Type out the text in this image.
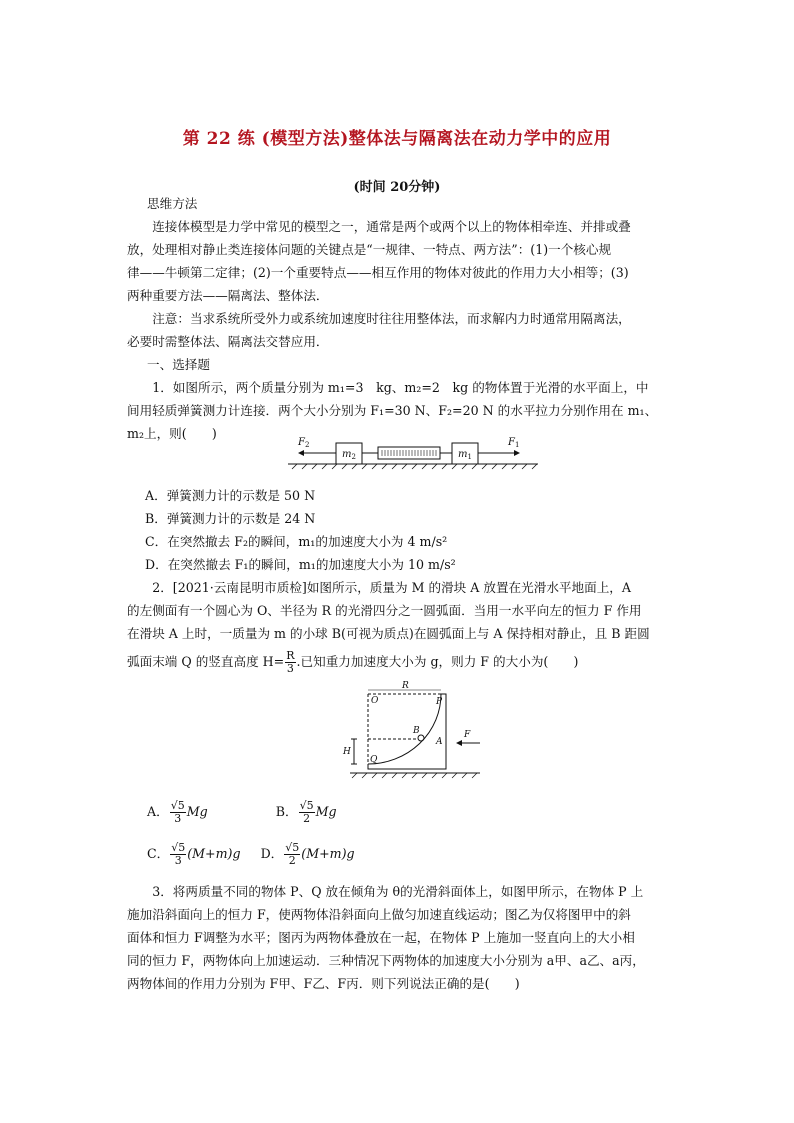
第 22 练 (模型方法)整体法与隔离法在动力学中的应用
(时间 20分钟)

思维方法

连接体模型是力学中常见的模型之一，通常是两个或两个以上的物体相牵连、并排或叠

放，处理相对静止类连接体问题的关键点是“一规律、一特点、两方法”：(1)一个核心规

律——牛顿第二定律；(2)一个重要特点——相互作用的物体对彼此的作用力大小相等；(3)

两种重要方法——隔离法、整体法．

注意：当求系统所受外力或系统加速度时往往用整体法，而求解内力时通常用隔离法，

必要时需整体法、隔离法交替应用．

一、选择题

1．如图所示，两个质量分别为 m₁=3　kg、m₂=2　kg 的物体置于光滑的水平面上，中

间用轻质弹簧测力计连接．两个大小分别为 F₁=30 N、F₂=20 N 的水平拉力分别作用在 m₁、

m₂上，则(　　)

$F_2$
$m_2$	$m_1$
$F_1$

A．弹簧测力计的示数是 50 N

B．弹簧测力计的示数是 24 N

C．在突然撤去 F₂的瞬间，m₁的加速度大小为 4 m/s²

D．在突然撤去 F₁的瞬间，m₁的加速度大小为 10 m/s²

2．[2021·云南昆明市质检]如图所示，质量为 M 的滑块 A 放置在光滑水平地面上，A

的左侧面有一个圆心为 O、半径为 R 的光滑四分之一圆弧面．当用一水平向左的恒力 F 作用

在滑块 A 上时，一质量为 m 的小球 B(可视为质点)在圆弧面上与 A 保持相对静止，且 B 距圆

弧面末端 Q 的竖直高度 $H= \frac{R}{3}$ .已知重力加速度大小为 g，则力 F 的大小为(　　)

R
O	P
B
A
F
H
Q
A． $\frac{√5}{3}$ Mg	B． $\frac{√5}{2}$ Mg
C． $\frac{√5}{3} (M+m)g$ D． $\frac{√5}{2} (M+m)g$

3．将两质量不同的物体 P、Q 放在倾角为 θ的光滑斜面体上，如图甲所示，在物体 P 上

施加沿斜面向上的恒力 F，使两物体沿斜面向上做匀加速直线运动；图乙为仅将图甲中的斜

面体和恒力 F调整为水平；图丙为两物体叠放在一起，在物体 P 上施加一竖直向上的大小相

同的恒力 F，两物体向上加速运动．三种情况下两物体的加速度大小分别为 a甲、a乙、a丙，

两物体间的作用力分别为 F甲、F乙、F丙．则下列说法正确的是(　　)
